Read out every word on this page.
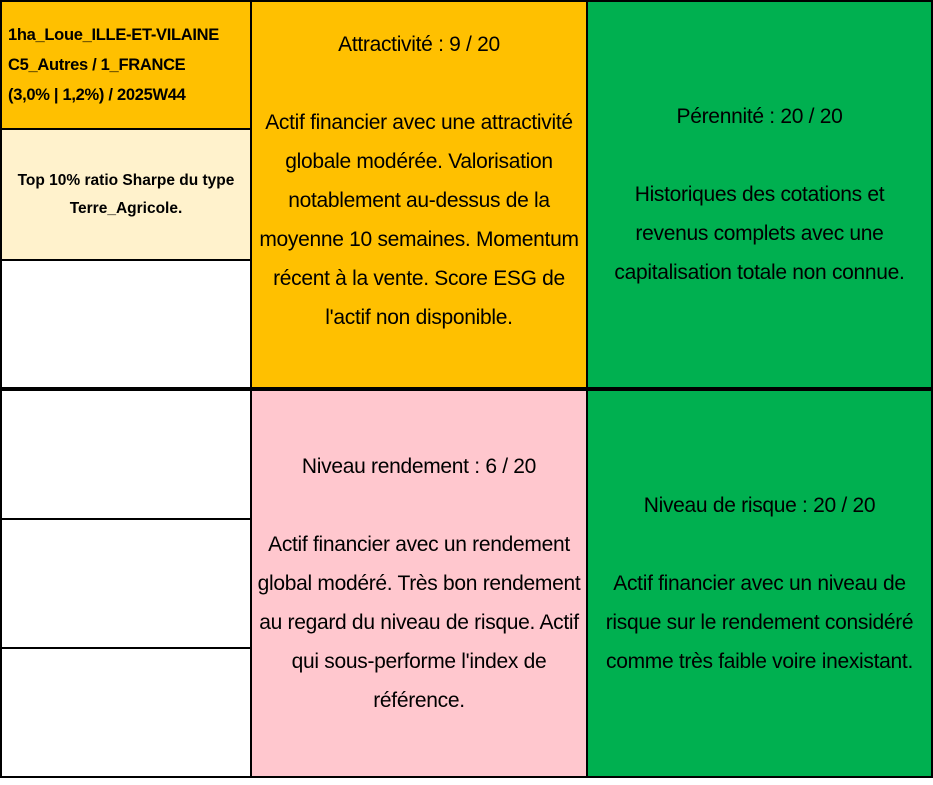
1ha_Loue_ILLE-ET-VILAINE
C5_Autres / 1_FRANCE
(3,0% | 1,2%) / 2025W44
Top 10% ratio Sharpe du type Terre_Agricole.
Attractivité : 9 / 20
Actif financier avec une attractivité globale modérée. Valorisation notablement au-dessus de la moyenne 10 semaines. Momentum récent à la vente. Score ESG de l'actif non disponible.
Pérennité : 20 / 20
Historiques des cotations et revenus complets avec une capitalisation totale non connue.
Niveau rendement : 6 / 20
Actif financier avec un rendement global modéré. Très bon rendement au regard du niveau de risque. Actif qui sous-performe l'index de référence.
Niveau de risque : 20 / 20
Actif financier avec un niveau de risque sur le rendement considéré comme très faible voire inexistant.
